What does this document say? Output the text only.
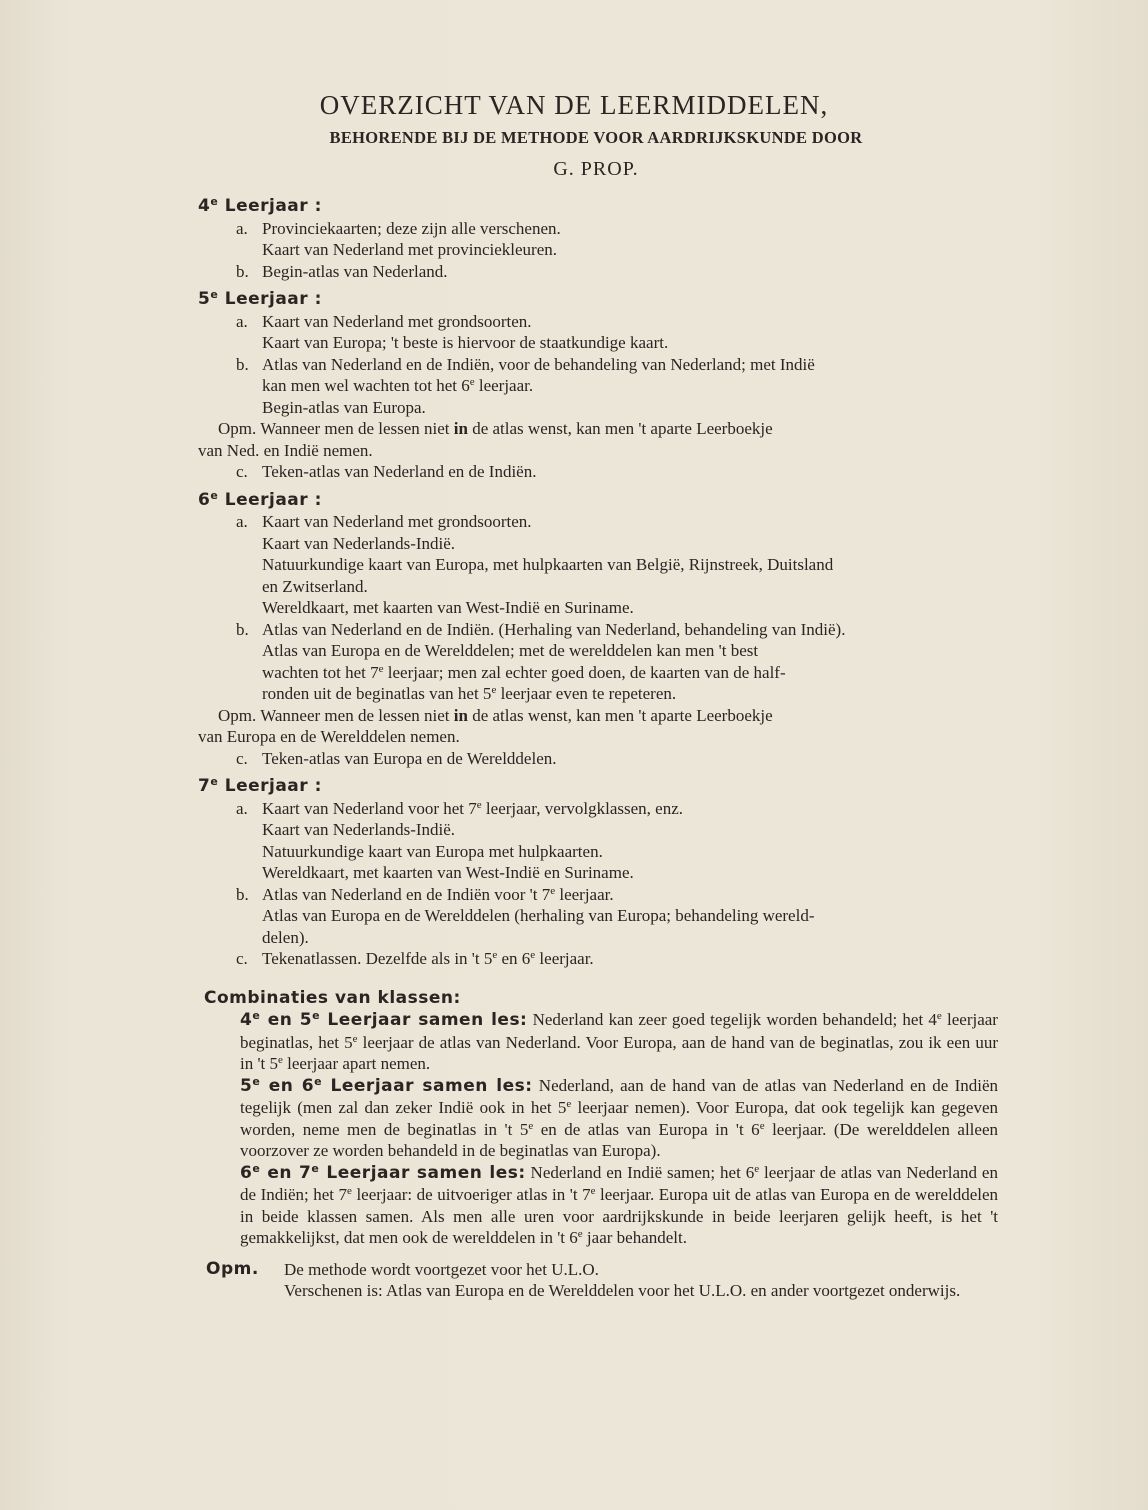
OVERZICHT VAN DE LEERMIDDELEN,
BEHORENDE BIJ DE METHODE VOOR AARDRIJKSKUNDE DOOR
G. PROP.
4e Leerjaar :
a. Provinciekaarten; deze zijn alle verschenen.
Kaart van Nederland met provinciekleuren.
b. Begin-atlas van Nederland.
5e Leerjaar :
a. Kaart van Nederland met grondsoorten.
Kaart van Europa; 't beste is hiervoor de staatkundige kaart.
b. Atlas van Nederland en de Indiën, voor de behandeling van Nederland; met Indië
kan men wel wachten tot het 6e leerjaar.
Begin-atlas van Europa.
Opm. Wanneer men de lessen niet in de atlas wenst, kan men 't aparte Leerboekje
van Ned. en Indië nemen.
c. Teken-atlas van Nederland en de Indiën.
6e Leerjaar :
a. Kaart van Nederland met grondsoorten.
Kaart van Nederlands-Indië.
Natuurkundige kaart van Europa, met hulpkaarten van België, Rijnstreek, Duitsland
en Zwitserland.
Wereldkaart, met kaarten van West-Indië en Suriname.
b. Atlas van Nederland en de Indiën. (Herhaling van Nederland, behandeling van Indië).
Atlas van Europa en de Werelddelen; met de werelddelen kan men 't best
wachten tot het 7e leerjaar; men zal echter goed doen, de kaarten van de half-
ronden uit de beginatlas van het 5e leerjaar even te repeteren.
Opm. Wanneer men de lessen niet in de atlas wenst, kan men 't aparte Leerboekje
van Europa en de Werelddelen nemen.
c. Teken-atlas van Europa en de Werelddelen.
7e Leerjaar :
a. Kaart van Nederland voor het 7e leerjaar, vervolgklassen, enz.
Kaart van Nederlands-Indië.
Natuurkundige kaart van Europa met hulpkaarten.
Wereldkaart, met kaarten van West-Indië en Suriname.
b. Atlas van Nederland en de Indiën voor 't 7e leerjaar.
Atlas van Europa en de Werelddelen (herhaling van Europa; behandeling wereld-
delen).
c. Tekenatlassen. Dezelfde als in 't 5e en 6e leerjaar.
Combinaties van klassen:
4e en 5e Leerjaar samen les: Nederland kan zeer goed tegelijk worden behandeld; het 4e leerjaar beginatlas, het 5e leerjaar de atlas van Nederland. Voor Europa, aan de hand van de beginatlas, zou ik een uur in 't 5e leerjaar apart nemen.
5e en 6e Leerjaar samen les: Nederland, aan de hand van de atlas van Nederland en de Indiën tegelijk (men zal dan zeker Indië ook in het 5e leerjaar nemen). Voor Europa, dat ook tegelijk kan gegeven worden, neme men de beginatlas in 't 5e en de atlas van Europa in 't 6e leerjaar. (De werelddelen alleen voorzover ze worden behandeld in de beginatlas van Europa).
6e en 7e Leerjaar samen les: Nederland en Indië samen; het 6e leerjaar de atlas van Nederland en de Indiën; het 7e leerjaar: de uitvoeriger atlas in 't 7e leerjaar. Europa uit de atlas van Europa en de werelddelen in beide klassen samen. Als men alle uren voor aardrijkskunde in beide leerjaren gelijk heeft, is het 't gemakkelijkst, dat men ook de werelddelen in 't 6e jaar behandelt.
Opm.	De methode wordt voortgezet voor het U.L.O.
Verschenen is: Atlas van Europa en de Werelddelen voor het U.L.O. en ander voortgezet onderwijs.
